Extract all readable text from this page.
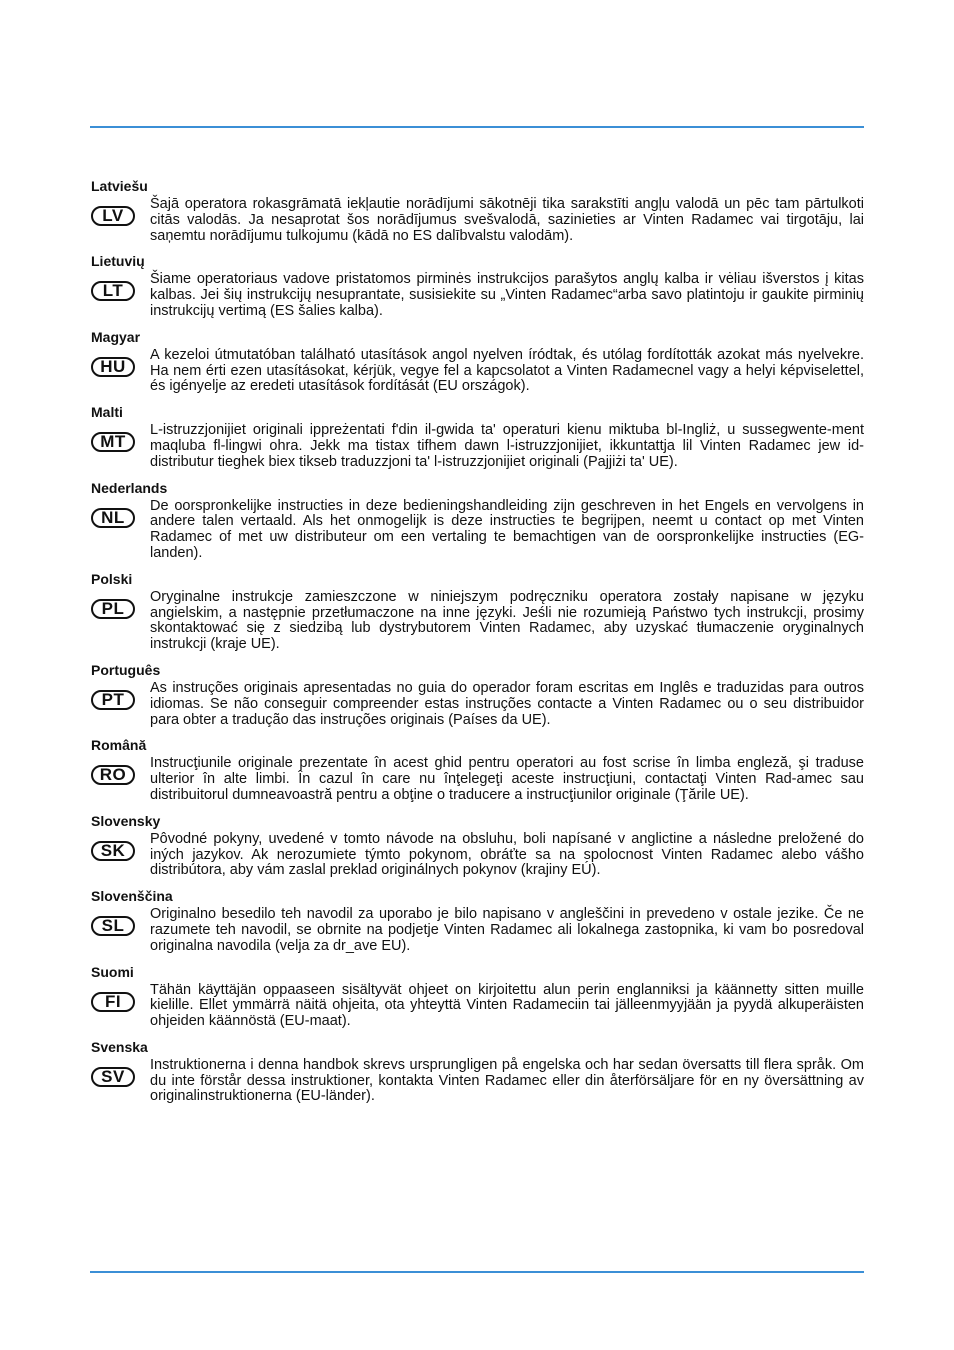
Latviešu
LV

Šajā operatora rokasgrāmatā iekļautie norādījumi sākotnēji tika sarakstīti angļu valodā un pēc tam pārtulkoti citās valodās. Ja nesaprotat šos norādījumus svešvalodā, sazinieties ar Vinten Radamec vai tirgotāju, lai saņemtu norādījumu tulkojumu (kādā no ES dalībvalstu valodām).

Lietuvių
LT

Šiame operatoriaus vadove pristatomos pirminės instrukcijos parašytos anglų kalba ir vėliau išverstos į kitas kalbas. Jei šių instrukcijų nesuprantate, susisiekite su „Vinten Radamec“arba savo platintoju ir gaukite pirminių instrukcijų vertimą (ES šalies kalba).

Magyar
HU

A kezeloi útmutatóban található utasítások angol nyelven íródtak, és utólag fordították azokat más nyelvekre. Ha nem érti ezen utasításokat, kérjük, vegye fel a kapcsolatot a Vinten Radamecnel vagy a helyi képviselettel, és igényelje az eredeti utasítások fordítását (EU országok).

Malti
MT

L-istruzzjonijiet originali ippreżentati f'din il-gwida ta' operaturi kienu miktuba bl-Ingliż, u sussegwente-ment maqluba fl-lingwi ohra. Jekk ma tistax tifhem dawn l-istruzzjonijiet, ikkuntattja lil Vinten Radamec jew id-distributur tieghek biex tikseb traduzzjoni ta' l-istruzzjonijiet originali (Pajjiżi ta' UE).

Nederlands
NL

De oorspronkelijke instructies in deze bedieningshandleiding zijn geschreven in het Engels en vervolgens in andere talen vertaald. Als het onmogelijk is deze instructies te begrijpen, neemt u contact op met Vinten Radamec of met uw distributeur om een vertaling te bemachtigen van de oorspronkelijke instructies (EG-landen).

Polski
PL

Oryginalne instrukcje zamieszczone w niniejszym podręczniku operatora zostały napisane w języku angielskim, a następnie przetłumaczone na inne języki. Jeśli nie rozumieją Państwo tych instrukcji, prosimy skontaktować się z siedzibą lub dystrybutorem Vinten Radamec, aby uzyskać tłumaczenie oryginalnych instrukcji (kraje UE).

Português
PT

As instruções originais apresentadas no guia do operador foram escritas em Inglês e traduzidas para outros idiomas. Se não conseguir compreender estas instruções contacte a Vinten Radamec ou o seu distribuidor para obter a tradução das instruções originais (Países da UE).

Română
RO

Instrucţiunile originale prezentate în acest ghid pentru operatori au fost scrise în limba engleză, şi traduse ulterior în alte limbi. În cazul în care nu înţelegeţi aceste instrucţiuni, contactaţi Vinten Rad-amec sau distribuitorul dumneavoastră pentru a obţine o traducere a instrucţiunilor originale (Ţările UE).

Slovensky
SK

Pôvodné pokyny, uvedené v tomto návode na obsluhu, boli napísané v anglictine a následne preložené do iných jazykov. Ak nerozumiete týmto pokynom, obráťte sa na spolocnost Vinten Radamec alebo vášho distribútora, aby vám zaslal preklad originálnych pokynov (krajiny EÚ).

Slovenščina
SL

Originalno besedilo teh navodil za uporabo je bilo napisano v angleščini in prevedeno v ostale jezike. Če ne razumete teh navodil, se obrnite na podjetje Vinten Radamec ali lokalnega zastopnika, ki vam bo posredoval originalna navodila (velja za dr_ave EU).

Suomi
FI

Tähän käyttäjän oppaaseen sisältyvät ohjeet on kirjoitettu alun perin englanniksi ja käännetty sitten muille kielille. Ellet ymmärrä näitä ohjeita, ota yhteyttä Vinten Radameciin tai jälleenmyyjään ja pyydä alkuperäisten ohjeiden käännöstä (EU-maat).

Svenska
SV

Instruktionerna i denna handbok skrevs ursprungligen på engelska och har sedan översatts till flera språk. Om du inte förstår dessa instruktioner, kontakta Vinten Radamec eller din återförsäljare för en ny översättning av originalinstruktionerna (EU-länder).
